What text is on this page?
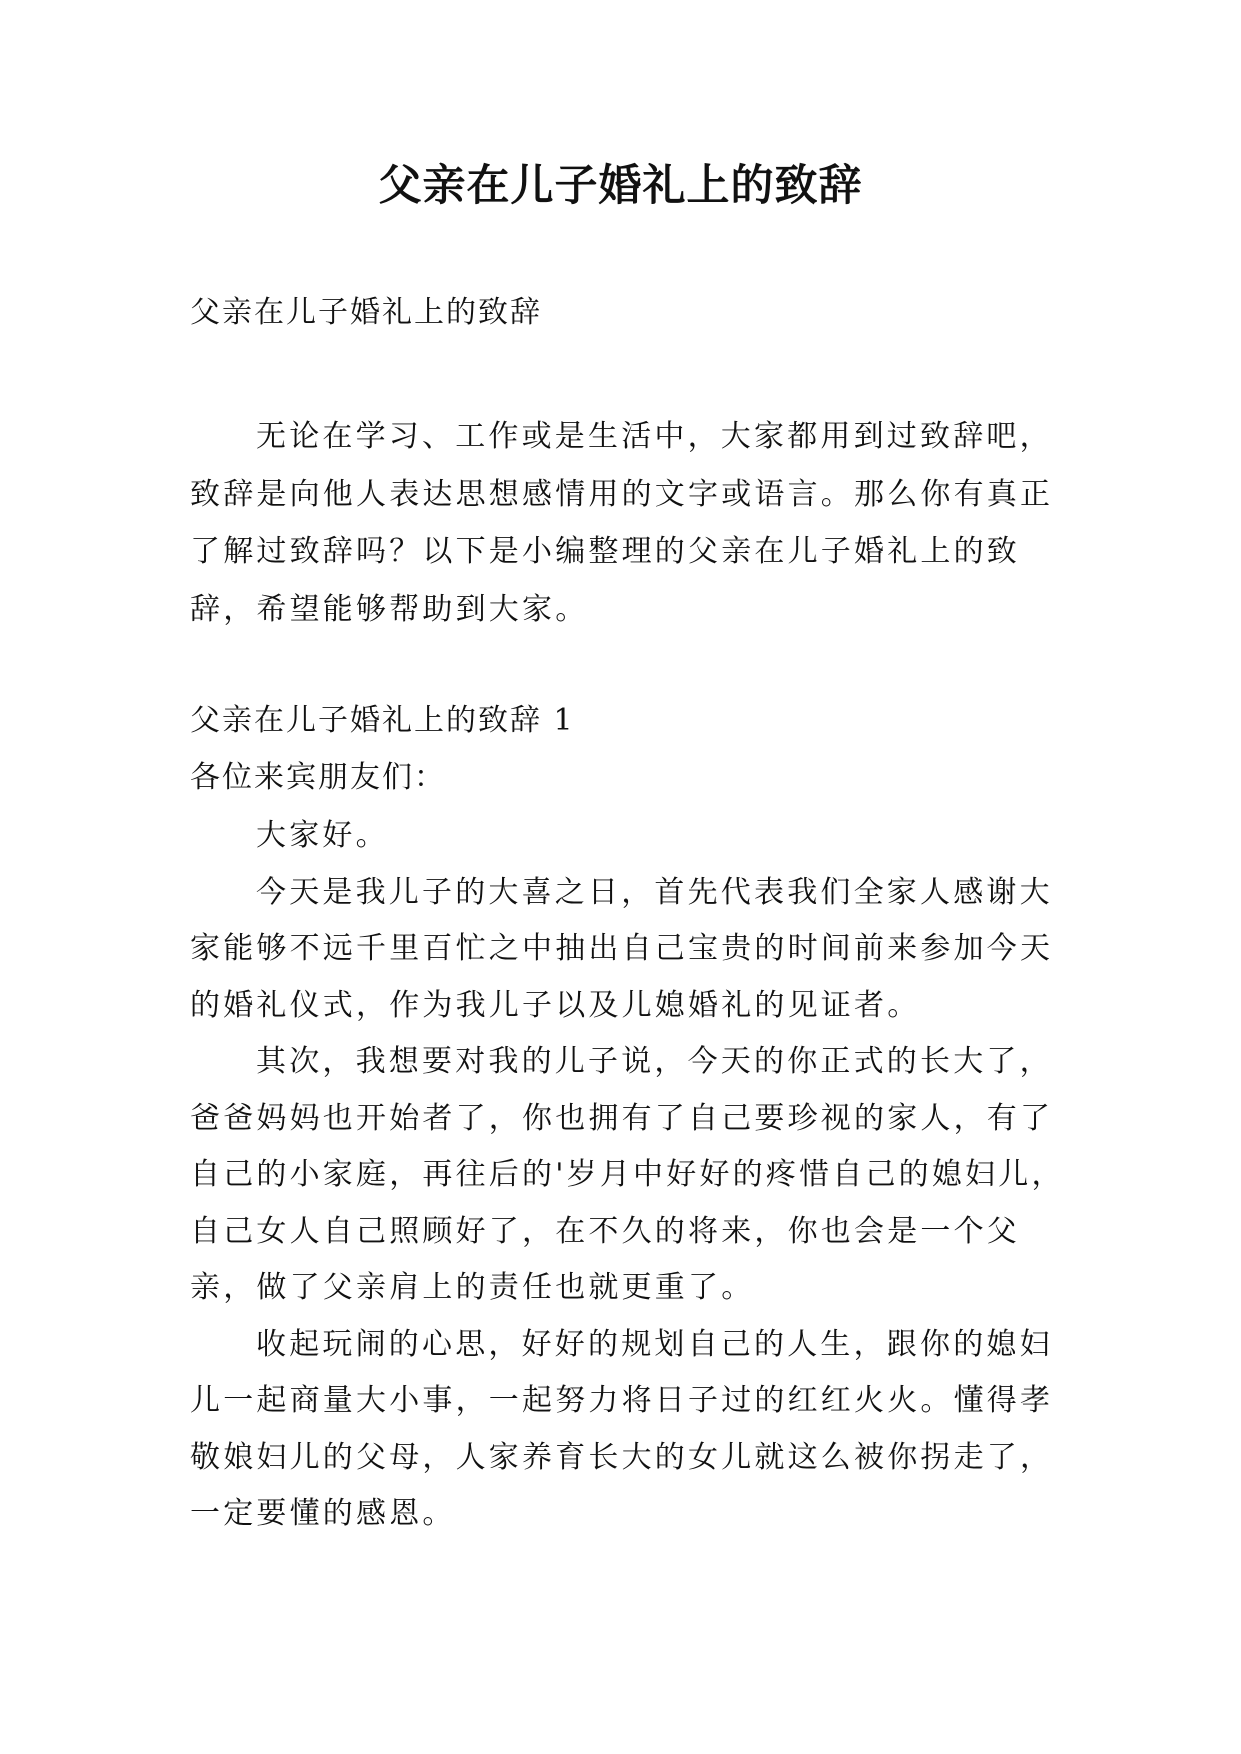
父亲在儿子婚礼上的致辞
父亲在儿子婚礼上的致辞

无论在学习、工作或是生活中，大家都用到过致辞吧，致辞是向他人表达思想感情用的文字或语言。那么你有真正了解过致辞吗？以下是小编整理的父亲在儿子婚礼上的致辞，希望能够帮助到大家。

父亲在儿子婚礼上的致辞 1
各位来宾朋友们：

大家好。

今天是我儿子的大喜之日，首先代表我们全家人感谢大家能够不远千里百忙之中抽出自己宝贵的时间前来参加今天的婚礼仪式，作为我儿子以及儿媳婚礼的见证者。

其次，我想要对我的儿子说，今天的你正式的长大了，爸爸妈妈也开始者了，你也拥有了自己要珍视的家人，有了自己的小家庭，再往后的'岁月中好好的疼惜自己的媳妇儿，自己女人自己照顾好了，在不久的将来，你也会是一个父亲，做了父亲肩上的责任也就更重了。

收起玩闹的心思，好好的规划自己的人生，跟你的媳妇儿一起商量大小事，一起努力将日子过的红红火火。懂得孝敬娘妇儿的父母，人家养育长大的女儿就这么被你拐走了，一定要懂的感恩。
